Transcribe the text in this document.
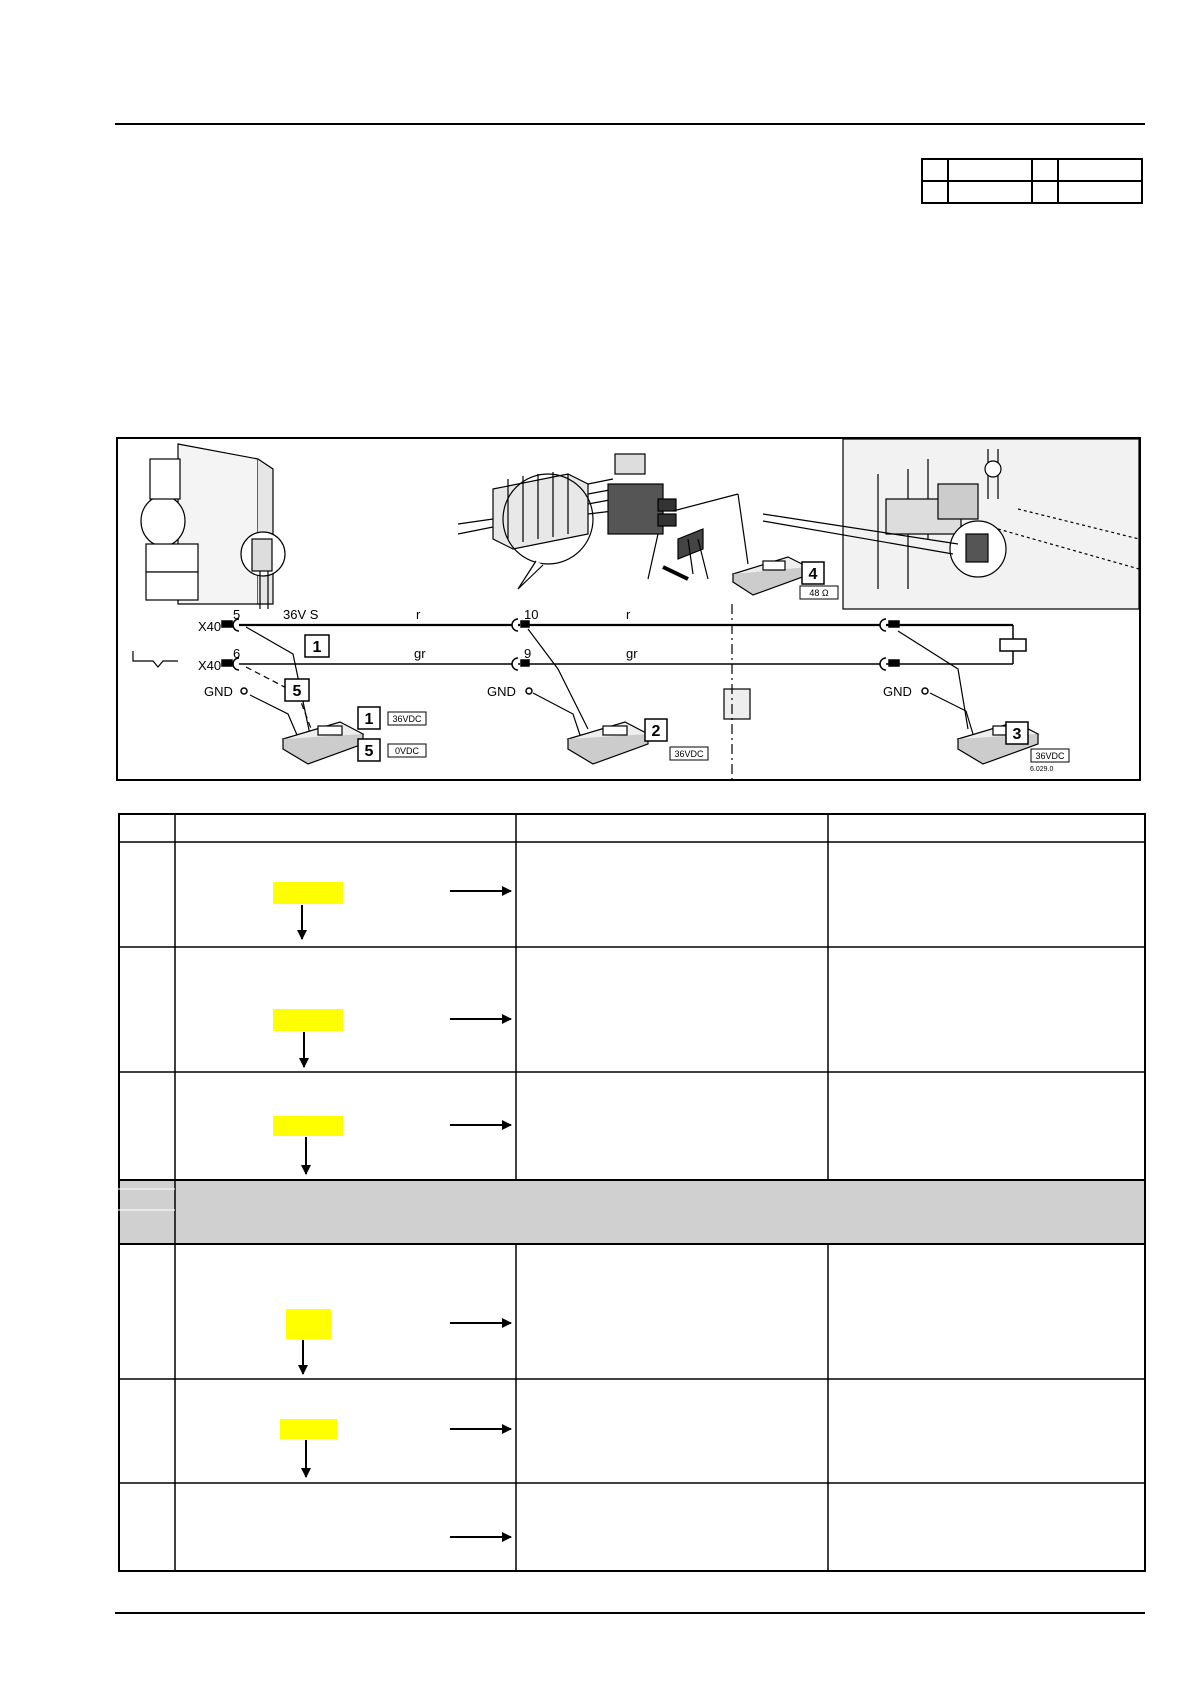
X40
X40
5
6
10
9
36V S	r	r
gr	gr
GND	GND	GND
6.029.0
1
5
1
5
2	3
4
36VDC
0VDC	36VDC	36VDC
48 Ω
